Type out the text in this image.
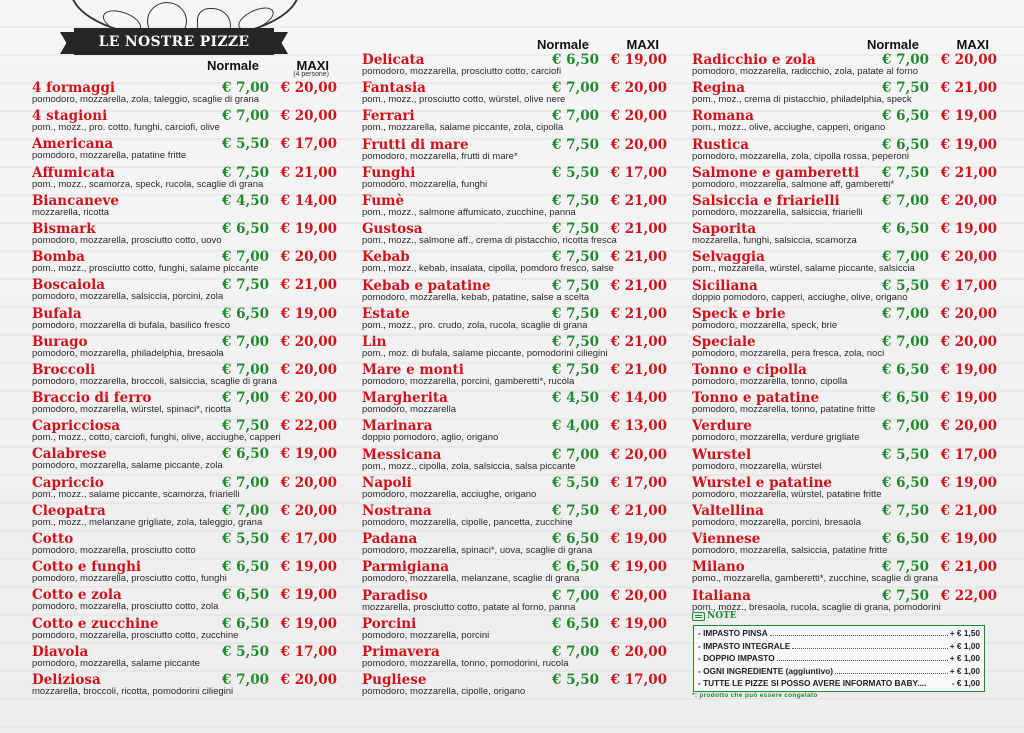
LE NOSTRE PIZZE
Normale	MAXI
(4 persone)
4 formaggi	€ 7,00 € 20,00
pomodoro, mozzarella, zola, taleggio, scaglie di grana
4 stagioni	€ 7,00 € 20,00
pom., mozz., pro. cotto, funghi, carciofi, olive
Americana	€ 5,50 € 17,00
pomodoro, mozzarella, patatine fritte
Affumicata	€ 7,50 € 21,00
pom., mozz., scamorza, speck, rucola, scaglie di grana
Biancaneve	€ 4,50 € 14,00
mozzarella, ricotta
Bismark	€ 6,50 € 19,00
pomodoro, mozzarella, prosciutto cotto, uovo
Bomba	€ 7,00 € 20,00
pom., mozz., prosciutto cotto, funghi, salame piccante
Boscaiola	€ 7,50 € 21,00
pomodoro, mozzarella, salsiccia, porcini, zola
Bufala	€ 6,50 € 19,00
pomodoro, mozzarella di bufala, basilico fresco
Burago	€ 7,00 € 20,00
pomodoro, mozzarella, philadelphia, bresaola
Broccoli	€ 7,00 € 20,00
pomodoro, mozzarella, broccoli, salsiccia, scaglie di grana
Braccio di ferro	€ 7,00 € 20,00
pomodoro, mozzarella, würstel, spinaci*, ricotta
Capricciosa	€ 7,50 € 22,00
pom., mozz., cotto, carciofi, funghi, olive, acciughe, capperi
Calabrese	€ 6,50 € 19,00
pomodoro, mozzarella, salame piccante, zola
Capriccio	€ 7,00 € 20,00
pom., mozz., salame piccante, scamorza, friarielli
Cleopatra	€ 7,00 € 20,00
pom., mozz., melanzane grigliate, zola, taleggio, grana
Cotto	€ 5,50 € 17,00
pomodoro, mozzarella, prosciutto cotto
Cotto e funghi	€ 6,50 € 19,00
pomodoro, mozzarella, prosciutto cotto, funghi
Cotto e zola	€ 6,50 € 19,00
pomodoro, mozzarella, prosciutto cotto, zola
Cotto e zucchine	€ 6,50 € 19,00
pomodoro, mozzarella, prosciutto cotto, zucchine
Diavola	€ 5,50 € 17,00
pomodoro, mozzarella, salame piccante
Deliziosa	€ 7,00 € 20,00
mozzarella, broccoli, ricotta, pomodorini ciliegini
Normale	MAXI
Delicata	€ 6,50 € 19,00
pomodoro, mozzarella, prosciutto cotto, carciofi
Fantasia	€ 7,00 € 20,00
pom., mozz., prosciutto cotto, würstel, olive nere
Ferrari	€ 7,00 € 20,00
pom., mozzarella, salame piccante, zola, cipolla
Frutti di mare	€ 7,50 € 20,00
pomodoro, mozzarella, frutti di mare*
Funghi	€ 5,50 € 17,00
pomodoro, mozzarella, funghi
Fumè	€ 7,50 € 21,00
pom., mozz., salmone affumicato, zucchine, panna
Gustosa	€ 7,50 € 21,00
pom., mozz., salmone aff., crema di pistacchio, ricotta fresca
Kebab	€ 7,50 € 21,00
pom., mozz., kebab, insalata, cipolla, pomdoro fresco, salse
Kebab e patatine	€ 7,50 € 21,00
pomodoro, mozzarella, kebab, patatine, salse a scelta
Estate	€ 7,50 € 21,00
pom., mozz., pro. crudo, zola, rucola, scaglie di grana
Lin	€ 7,50 € 21,00
pom., moz. di bufala, salame piccante, pomodorini ciliegini
Mare e monti	€ 7,50 € 21,00
pomodoro, mozzarella, porcini, gamberetti*, rucola
Margherita	€ 4,50 € 14,00
pomodoro, mozzarella
Marinara	€ 4,00 € 13,00
doppio pomodoro, aglio, origano
Messicana	€ 7,00 € 20,00
pom., mozz., cipolla, zola, salsiccia, salsa piccante
Napoli	€ 5,50 € 17,00
pomodoro, mozzarella, acciughe, origano
Nostrana	€ 7,50 € 21,00
pomodoro, mozzarella, cipolle, pancetta, zucchine
Padana	€ 6,50 € 19,00
pomodoro, mozzarella, spinaci*, uova, scaglie di grana
Parmigiana	€ 6,50 € 19,00
pomodoro, mozzarella, melanzane, scaglie di grana
Paradiso	€ 7,00 € 20,00
mozzarella, prosciutto cotto, patate al forno, panna
Porcini	€ 6,50 € 19,00
pomodoro, mozzarella, porcini
Primavera	€ 7,00 € 20,00
pomodoro, mozzarella, tonno, pomodorini, rucola
Pugliese	€ 5,50 € 17,00
pomodoro, mozzarella, cipolle, origano
Normale	MAXI
Radicchio e zola	€ 7,00 € 20,00
pomodoro, mozzarella, radicchio, zola, patate al forno
Regina	€ 7,50 € 21,00
pom., moz., crema di pistacchio, philadelphia, speck
Romana	€ 6,50 € 19,00
pom., mozz., olive, acciughe, capperi, origano
Rustica	€ 6,50 € 19,00
pomodoro, mozzarella, zola, cipolla rossa, peperoni
Salmone e gamberetti € 7,50 € 21,00
pomodoro, mozzarella, salmone aff, gamberetti*
Salsiccia e friarielli	€ 7,00 € 20,00
pomodoro, mozzarella, salsiccia, friarielli
Saporita	€ 6,50 € 19,00
mozzarella, funghi, salsiccia, scamorza
Selvaggia	€ 7,00 € 20,00
pom., mozzarella, würstel, salame piccante, salsiccia
Siciliana	€ 5,50 € 17,00
doppio pomodoro, capperi, acciughe, olive, origano
Speck e brie	€ 7,00 € 20,00
pomodoro, mozzarella, speck, brie
Speciale	€ 7,00 € 20,00
pomodoro, mozzarella, pera fresca, zola, noci
Tonno e cipolla	€ 6,50 € 19,00
pomodoro, mozzarella, tonno, cipolla
Tonno e patatine	€ 6,50 € 19,00
pomodoro, mozzarella, tonno, patatine fritte
Verdure	€ 7,00 € 20,00
pomodoro, mozzarella, verdure grigliate
Wurstel	€ 5,50 € 17,00
pomodoro, mozzarella, würstel
Wurstel e patatine	€ 6,50 € 19,00
pomodoro, mozzarella, würstel, patatine fritte
Valtellina	€ 7,50 € 21,00
pomodoro, mozzarella, porcini, bresaola
Viennese	€ 6,50 € 19,00
pomodoro, mozzarella, salsiccia, patatine fritte
Milano	€ 7,50 € 21,00
pomo., mozzarella, gamberetti*, zucchine, scaglie di grana
Italiana	€ 7,50 € 22,00
pom., mozz., bresaola, rucola, scaglie di grana, pomodorini
NOTE
- IMPASTO PINSA	+ € 1,50
- IMPASTO INTEGRALE	+ € 1,00
- DOPPIO IMPASTO	+ € 1,00
- OGNI INGREDIENTE (aggiuntivo)	+ € 1,00
- TUTTE LE PIZZE SI POSSO AVERE INFORMATO BABY....	- € 1,00
*: prodotto che può essere congelato
